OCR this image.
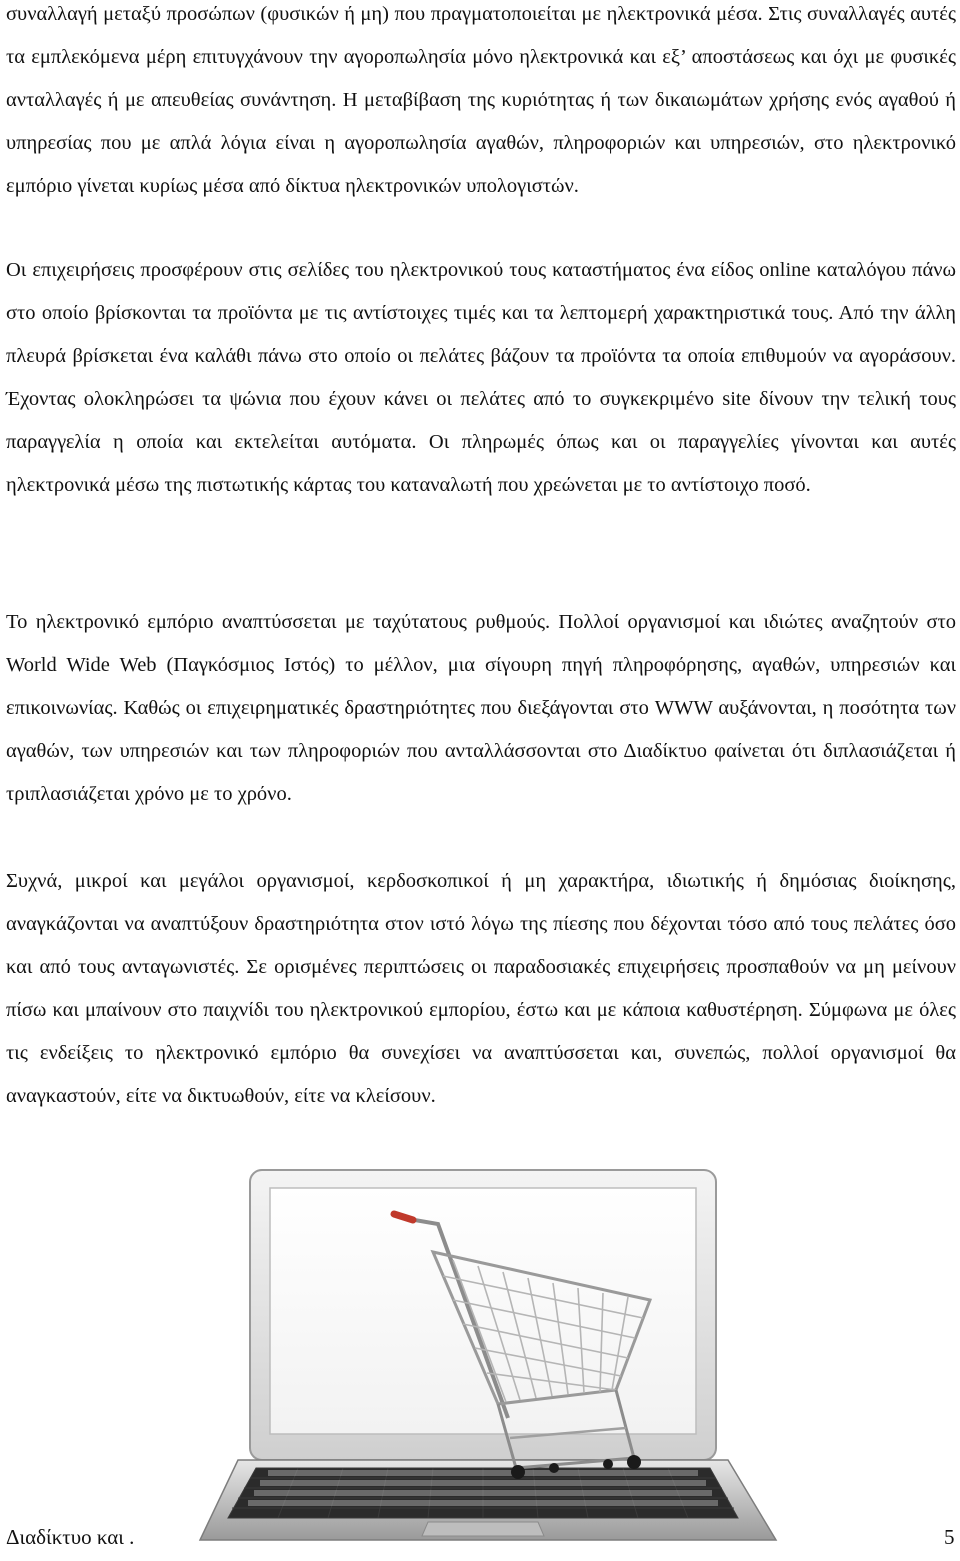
συναλλαγή μεταξύ προσώπων (φυσικών ή μη) που πραγματοποιείται με ηλεκτρονικά μέσα. Στις συναλλαγές αυτές τα εμπλεκόμενα μέρη επιτυγχάνουν την αγοροπωλησία μόνο ηλεκτρονικά και εξ’ αποστάσεως και όχι με φυσικές ανταλλαγές ή με απευθείας συνάντηση. Η μεταβίβαση της κυριότητας ή των δικαιωμάτων χρήσης ενός αγαθού ή υπηρεσίας που με απλά λόγια είναι η αγοροπωλησία αγαθών, πληροφοριών και υπηρεσιών, στο ηλεκτρονικό εμπόριο γίνεται κυρίως μέσα από δίκτυα ηλεκτρονικών υπολογιστών.

Οι επιχειρήσεις προσφέρουν στις σελίδες του ηλεκτρονικού τους καταστήματος ένα είδος online καταλόγου πάνω στο οποίο βρίσκονται τα προϊόντα με τις αντίστοιχες τιμές και τα λεπτομερή χαρακτηριστικά τους. Από την άλλη πλευρά βρίσκεται ένα καλάθι πάνω στο οποίο οι πελάτες βάζουν τα προϊόντα τα οποία επιθυμούν να αγοράσουν. Έχοντας ολοκληρώσει τα ψώνια που έχουν κάνει οι πελάτες από το συγκεκριμένο site δίνουν την τελική τους παραγγελία η οποία και εκτελείται αυτόματα. Οι πληρωμές όπως και οι παραγγελίες γίνονται και αυτές ηλεκτρονικά μέσω της πιστωτικής κάρτας του καταναλωτή που χρεώνεται με το αντίστοιχο ποσό.

Το ηλεκτρονικό εμπόριο αναπτύσσεται με ταχύτατους ρυθμούς. Πολλοί οργανισμοί και ιδιώτες αναζητούν στο World Wide Web (Παγκόσμιος Ιστός) το μέλλον, μια σίγουρη πηγή πληροφόρησης, αγαθών, υπηρεσιών και επικοινωνίας. Καθώς οι επιχειρηματικές δραστηριότητες που διεξάγονται στο WWW αυξάνονται, η ποσότητα των αγαθών, των υπηρεσιών και των πληροφοριών που ανταλλάσσονται στο Διαδίκτυο φαίνεται ότι διπλασιάζεται ή τριπλασιάζεται χρόνο με το χρόνο.

Συχνά, μικροί και μεγάλοι οργανισμοί, κερδοσκοπικοί ή μη χαρακτήρα, ιδιωτικής ή δημόσιας διοίκησης, αναγκάζονται να αναπτύξουν δραστηριότητα στον ιστό λόγω της πίεσης που δέχονται τόσο από τους πελάτες όσο και από τους ανταγωνιστές. Σε ορισμένες περιπτώσεις οι παραδοσιακές επιχειρήσεις προσπαθούν να μη μείνουν πίσω και μπαίνουν στο παιχνίδι του ηλεκτρονικού εμπορίου, έστω και με κάποια καθυστέρηση. Σύμφωνα με όλες τις ενδείξεις το ηλεκτρονικό εμπόριο θα συνεχίσει να αναπτύσσεται και, συνεπώς, πολλοί οργανισμοί θα αναγκαστούν, είτε να δικτυωθούν, είτε να κλείσουν.

Διαδίκτυο και .	5
